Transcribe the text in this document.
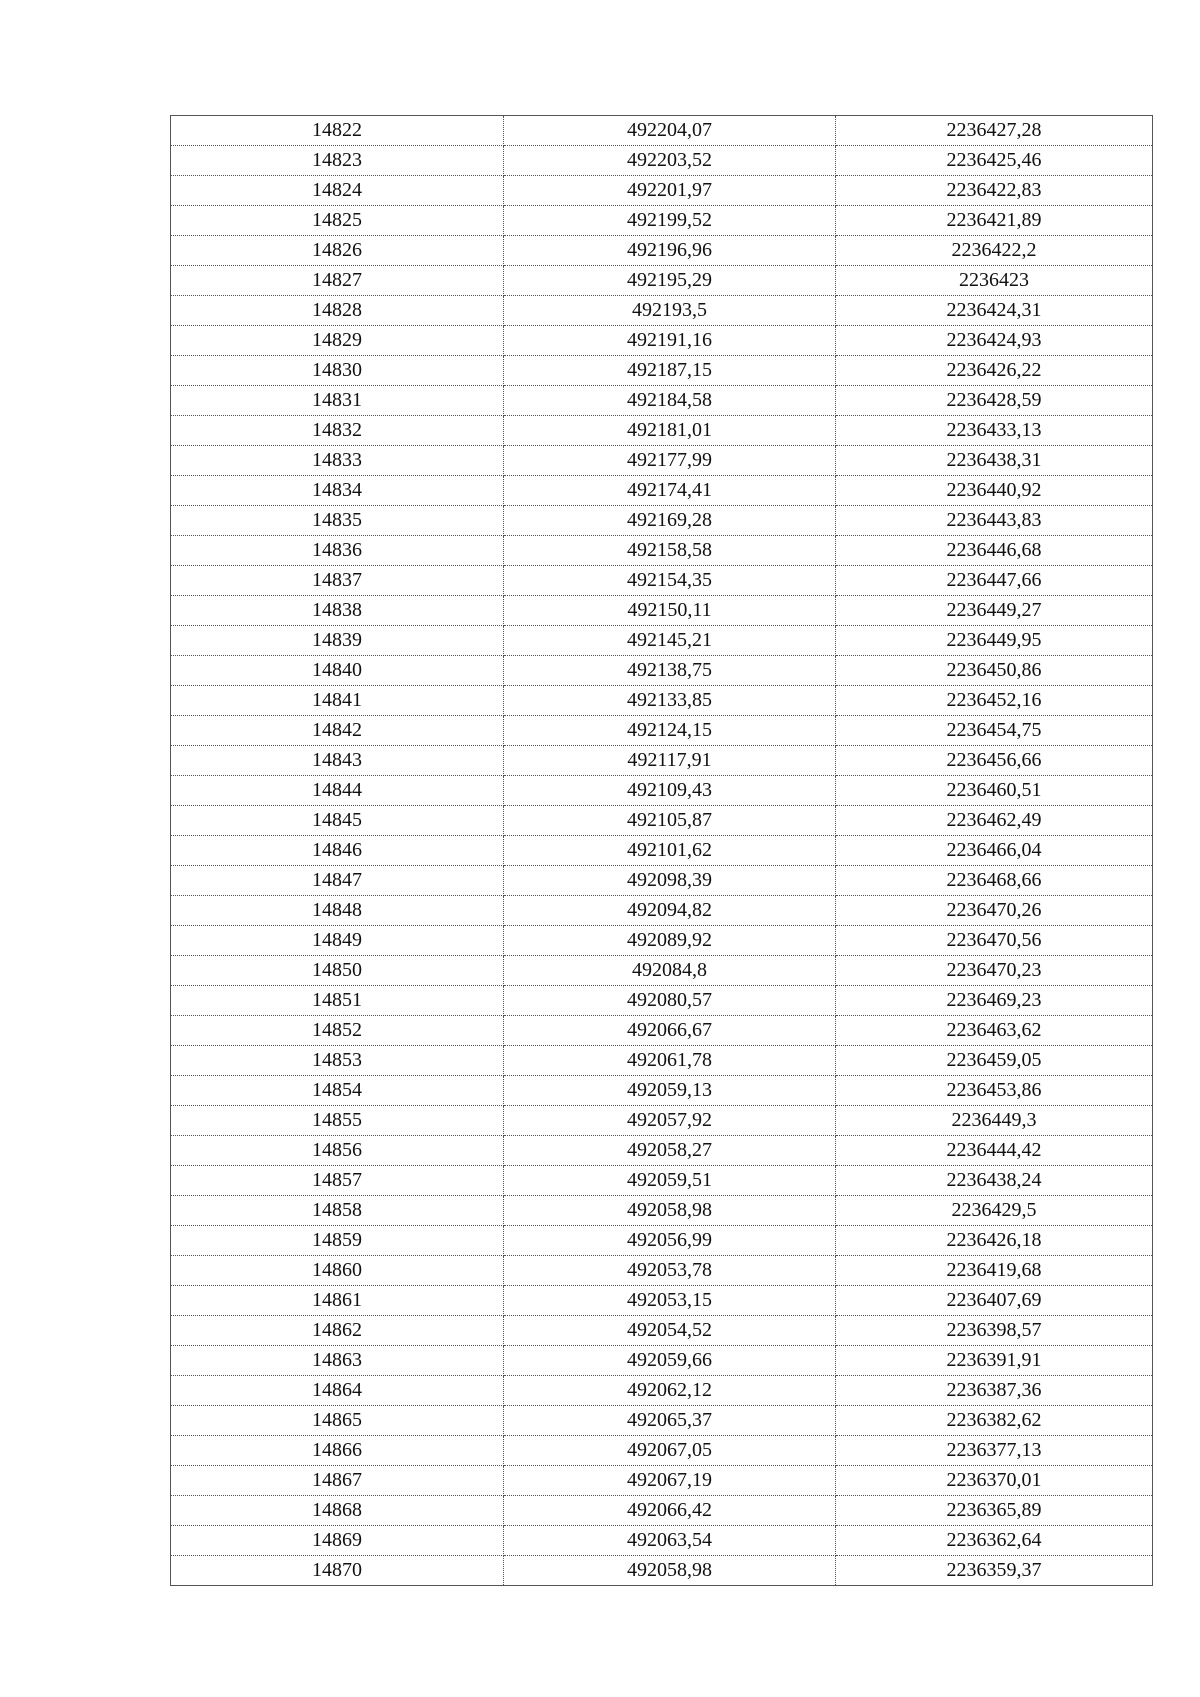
14822	492204,07	2236427,28
14823	492203,52	2236425,46
14824	492201,97	2236422,83
14825	492199,52	2236421,89
14826	492196,96	2236422,2
14827	492195,29	2236423
14828	492193,5	2236424,31
14829	492191,16	2236424,93
14830	492187,15	2236426,22
14831	492184,58	2236428,59
14832	492181,01	2236433,13
14833	492177,99	2236438,31
14834	492174,41	2236440,92
14835	492169,28	2236443,83
14836	492158,58	2236446,68
14837	492154,35	2236447,66
14838	492150,11	2236449,27
14839	492145,21	2236449,95
14840	492138,75	2236450,86
14841	492133,85	2236452,16
14842	492124,15	2236454,75
14843	492117,91	2236456,66
14844	492109,43	2236460,51
14845	492105,87	2236462,49
14846	492101,62	2236466,04
14847	492098,39	2236468,66
14848	492094,82	2236470,26
14849	492089,92	2236470,56
14850	492084,8	2236470,23
14851	492080,57	2236469,23
14852	492066,67	2236463,62
14853	492061,78	2236459,05
14854	492059,13	2236453,86
14855	492057,92	2236449,3
14856	492058,27	2236444,42
14857	492059,51	2236438,24
14858	492058,98	2236429,5
14859	492056,99	2236426,18
14860	492053,78	2236419,68
14861	492053,15	2236407,69
14862	492054,52	2236398,57
14863	492059,66	2236391,91
14864	492062,12	2236387,36
14865	492065,37	2236382,62
14866	492067,05	2236377,13
14867	492067,19	2236370,01
14868	492066,42	2236365,89
14869	492063,54	2236362,64
14870	492058,98	2236359,37
